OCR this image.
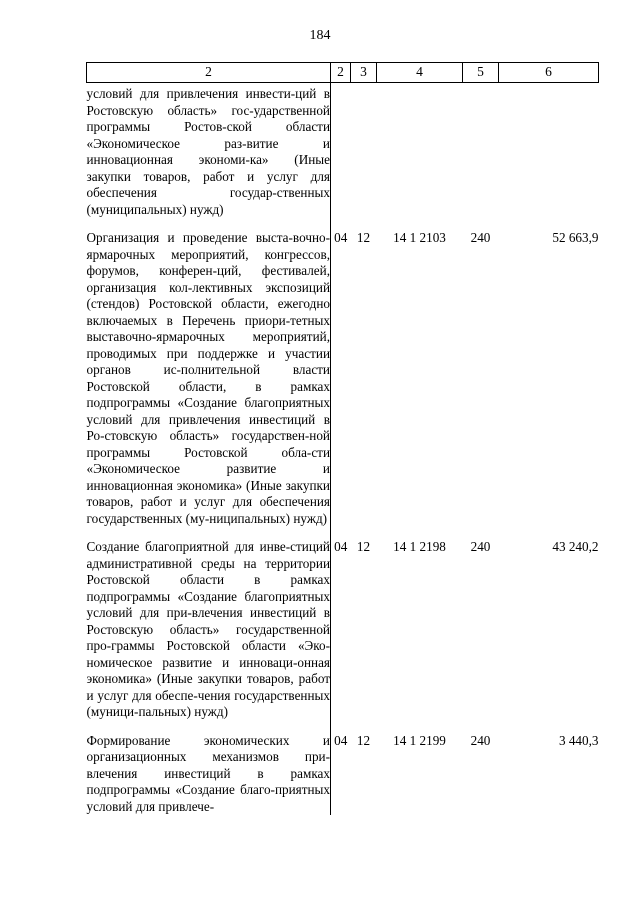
184
2	2	3	4	5	6
условий для привлечения инвести-ций в Ростовскую область» гос-ударственной программы Ростов-ской области «Экономическое раз-витие и инновационная экономи-ка» (Иные закупки товаров, работ и услуг для обеспечения государ-ственных (муниципальных) нужд)					
Организация и проведение выста-вочно-ярмарочных мероприятий, конгрессов, форумов, конферен-ций, фестивалей, организация кол-лективных экспозиций (стендов) Ростовской области, ежегодно включаемых в Перечень приори-тетных выставочно-ярмарочных мероприятий, проводимых при поддержке и участии органов ис-полнительной власти Ростовской области, в рамках подпрограммы «Создание благоприятных условий для привлечения инвестиций в Ро-стовскую область» государствен-ной программы Ростовской обла-сти «Экономическое развитие и инновационная экономика» (Иные закупки товаров, работ и услуг для обеспечения государственных (му-ниципальных) нужд)	04	12	14 1 2103	240	52 663,9
Создание благоприятной для инве-стиций административной среды на территории Ростовской области в рамках подпрограммы «Создание благоприятных условий для при-влечения инвестиций в Ростовскую область» государственной про-граммы Ростовской области «Эко-номическое развитие и инноваци-онная экономика» (Иные закупки товаров, работ и услуг для обеспе-чения государственных (муници-пальных) нужд)	04	12	14 1 2198	240	43 240,2
Формирование экономических и организационных механизмов при-влечения инвестиций в рамках подпрограммы «Создание благо-приятных условий для привлече-	04	12	14 1 2199	240	3 440,3
